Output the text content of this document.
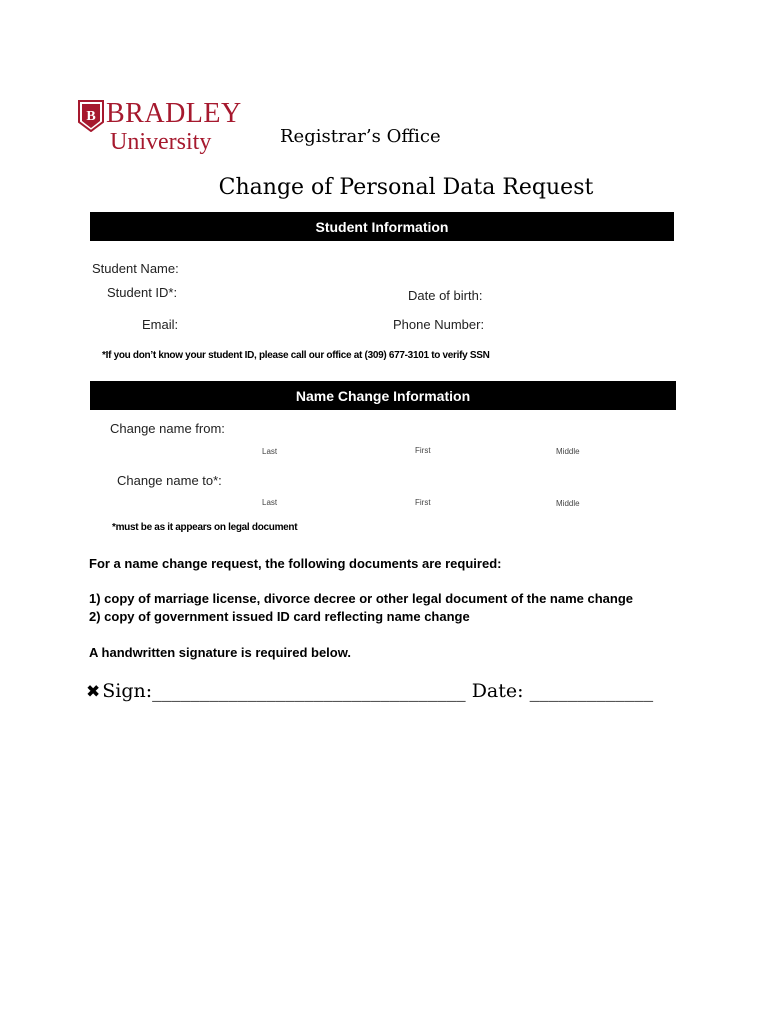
B BRADLEY
University	Registrar’s Office
Change of Personal Data Request
Student Information
Student Name:
Student ID*:	Date of birth:
Email:	Phone Number:
*If you don’t know your student ID, please call our office at (309) 677-3101 to verify SSN
Name Change Information
Change name from:
Last	First	Middle
Change name to*:
Last	First	Middle
*must be as it appears on legal document
For a name change request, the following documents are required:
1) copy of marriage license, divorce decree or other legal document of the name change
2) copy of government issued ID card reflecting name change
A handwritten signature is required below.
✖ Sign:_________________________________ Date: _____________
